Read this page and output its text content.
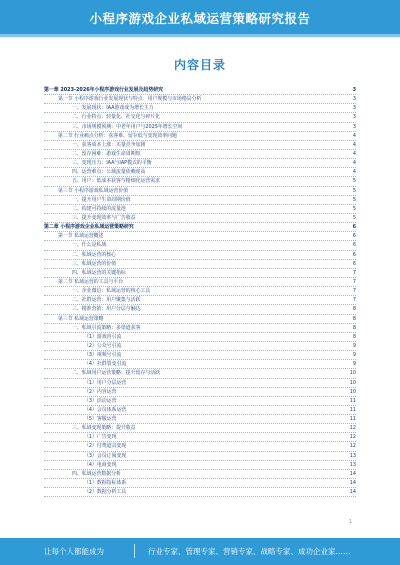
小程序游戏企业私域运营策略研究报告
内容目录
第一章 2023-2026年小程序游戏行业发展及趋势研究	3
第一节 小程序游戏行业发展现状与特点：用户规模与市场格局分析	3
一、发展现状：IAA游戏成为增长主力	3
二、行业特点：轻量化、社交化与碎片化	3
三、市场规模预测：中老年用户与2025年增长空间	3
第二节 行业痛点分析：获客难、留存低与变现效率问题	4
一、获客成本上涨：买量竞争加剧	4
二、留存困难：游戏生命周期短	4
三、变现压力：IAA与IAP模式的平衡	4
四、运营难点：公域流量依赖度高	4
五、用户：低成本获客与精细化运营需求	5
第三节 小程序游戏私域运营价值	5
一、提升用户生命周期价值	5
二、构建可持续的流量池	5
三、提升变现效率与广告收益	5
第二章 小程序游戏企业私域运营策略研究	6
第一节 私域运营概述	6
一、什么是私域	6
二、私域运营的核心	6
三、私域运营的价值	6
四、私域运营的关键指标	7
第二节 私域运营的工具与平台	7
一、企业微信：私域运营的核心工具	7
二、社群运营：用户聚集与活跃	7
三、精准营销：用户分层与触达	8
第三节 私域运营策略	8
一、私域引流策略：多渠道获客	8
（1）游戏内引流	8
（2）公众号引流	9
（3）视频号引流	9
（4）社群裂变引流	9
二、私域用户运营策略：提升留存与活跃	10
（1）用户分层运营	10
（2）内容运营	10
（3）活动运营	11
（4）会员体系运营	11
（5）客服运营	11
三、私域变现策略：提升收益	12
（1）广告变现	12
（2）付费道具变现	12
（3）会员订阅变现	13
（4）电商变现	13
四、私域运营数据分析	14
（1）数据指标体系	14
（2）数据分析工具	14
1
让每个人都能成为	行业专家、管理专家、营销专家、战略专家、成功企业家……
